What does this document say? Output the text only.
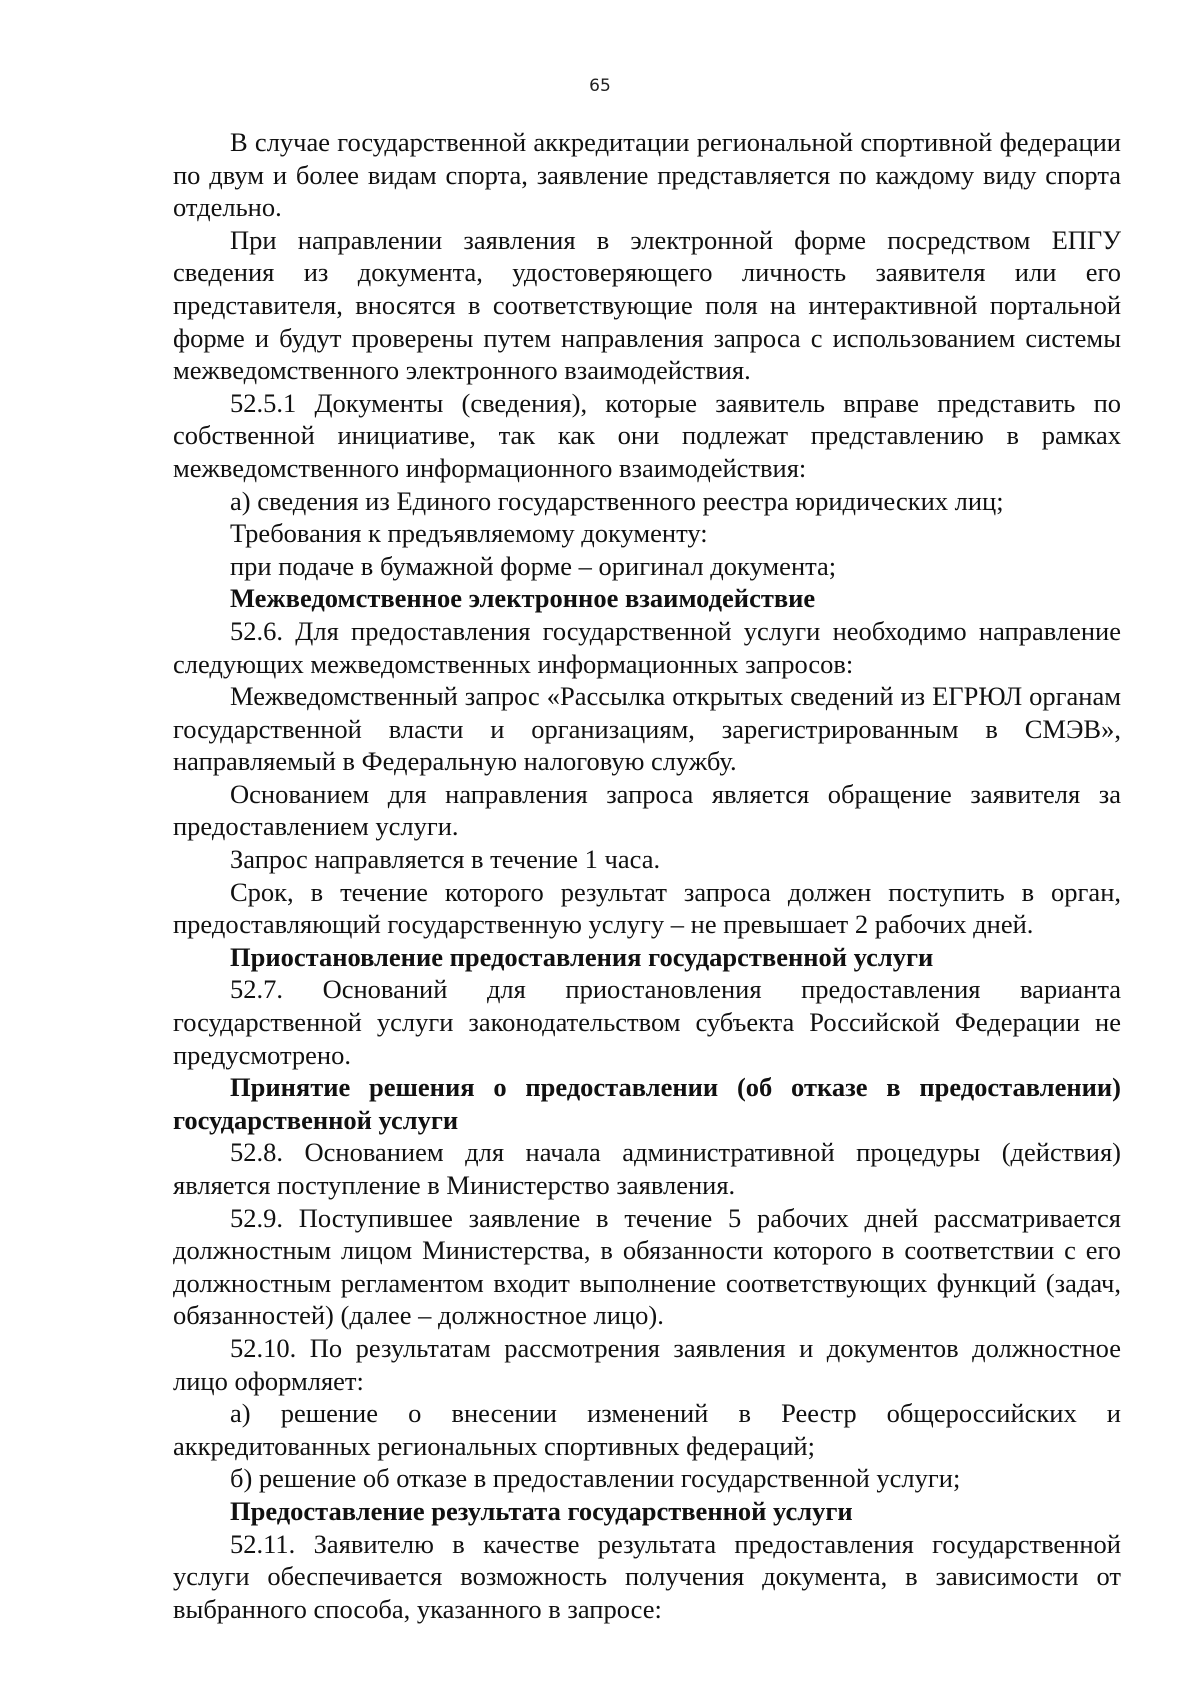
65

В случае государственной аккредитации региональной спортивной федерации по двум и более видам спорта, заявление представляется по каждому виду спорта отдельно.

При направлении заявления в электронной форме посредством ЕПГУ сведения из документа, удостоверяющего личность заявителя или его представителя, вносятся в соответствующие поля на интерактивной портальной форме и будут проверены путем направления запроса с использованием системы межведомственного электронного взаимодействия.

52.5.1 Документы (сведения), которые заявитель вправе представить по собственной инициативе, так как они подлежат представлению в рамках межведомственного информационного взаимодействия:

а) сведения из Единого государственного реестра юридических лиц;

Требования к предъявляемому документу:

при подаче в бумажной форме – оригинал документа;

Межведомственное электронное взаимодействие

52.6. Для предоставления государственной услуги необходимо направление следующих межведомственных информационных запросов:

Межведомственный запрос «Рассылка открытых сведений из ЕГРЮЛ органам государственной власти и организациям, зарегистрированным в СМЭВ», направляемый в Федеральную налоговую службу.

Основанием для направления запроса является обращение заявителя за предоставлением услуги.

Запрос направляется в течение 1 часа.

Срок, в течение которого результат запроса должен поступить в орган, предоставляющий государственную услугу – не превышает 2 рабочих дней.

Приостановление предоставления государственной услуги

52.7. Оснований для приостановления предоставления варианта государственной услуги законодательством субъекта Российской Федерации не предусмотрено.

Принятие решения о предоставлении (об отказе в предоставлении) государственной услуги

52.8. Основанием для начала административной процедуры (действия) является поступление в Министерство заявления.

52.9. Поступившее заявление в течение 5 рабочих дней рассматривается должностным лицом Министерства, в обязанности которого в соответствии с его должностным регламентом входит выполнение соответствующих функций (задач, обязанностей) (далее – должностное лицо).

52.10. По результатам рассмотрения заявления и документов должностное лицо оформляет:

а) решение о внесении изменений в Реестр общероссийских и аккредитованных региональных спортивных федераций;

б) решение об отказе в предоставлении государственной услуги;

Предоставление результата государственной услуги

52.11. Заявителю в качестве результата предоставления государственной услуги обеспечивается возможность получения документа, в зависимости от выбранного способа, указанного в запросе:
